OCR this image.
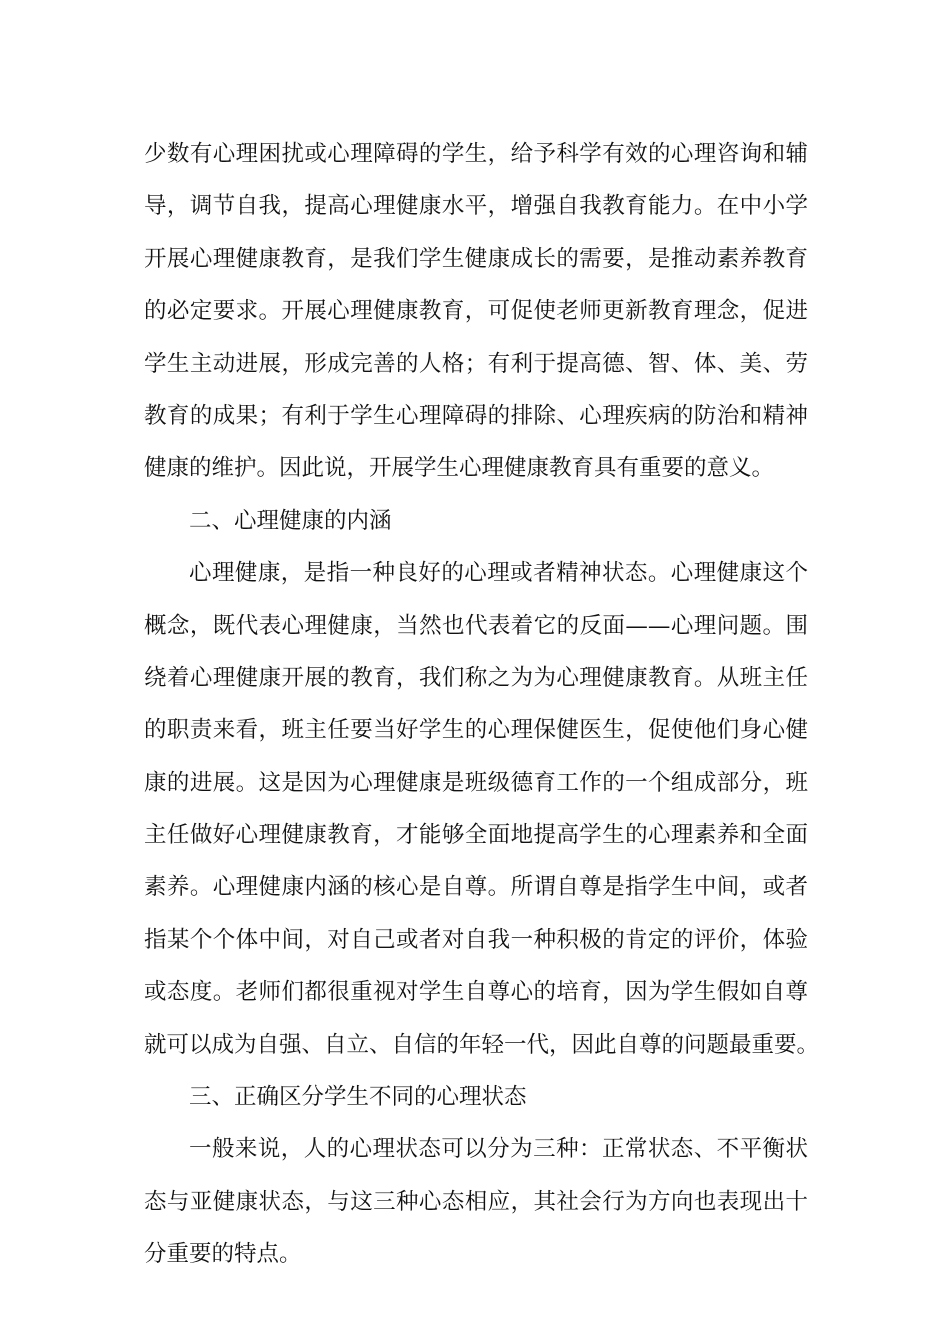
少数有心理困扰或心理障碍的学生，给予科学有效的心理咨询和辅
导，调节自我，提高心理健康水平，增强自我教育能力。在中小学
开展心理健康教育，是我们学生健康成长的需要，是推动素养教育
的必定要求。开展心理健康教育，可促使老师更新教育理念，促进
学生主动进展，形成完善的人格；有利于提高德、智、体、美、劳
教育的成果；有利于学生心理障碍的排除、心理疾病的防治和精神
健康的维护。因此说，开展学生心理健康教育具有重要的意义。
二、心理健康的内涵
心理健康，是指一种良好的心理或者精神状态。心理健康这个
概念，既代表心理健康，当然也代表着它的反面——心理问题。围
绕着心理健康开展的教育，我们称之为为心理健康教育。从班主任
的职责来看，班主任要当好学生的心理保健医生，促使他们身心健
康的进展。这是因为心理健康是班级德育工作的一个组成部分，班
主任做好心理健康教育，才能够全面地提高学生的心理素养和全面
素养。心理健康内涵的核心是自尊。所谓自尊是指学生中间，或者
指某个个体中间，对自己或者对自我一种积极的肯定的评价，体验
或态度。老师们都很重视对学生自尊心的培育，因为学生假如自尊
就可以成为自强、自立、自信的年轻一代，因此自尊的问题最重要。
三、正确区分学生不同的心理状态
一般来说，人的心理状态可以分为三种：正常状态、不平衡状
态与亚健康状态，与这三种心态相应，其社会行为方向也表现出十
分重要的特点。
